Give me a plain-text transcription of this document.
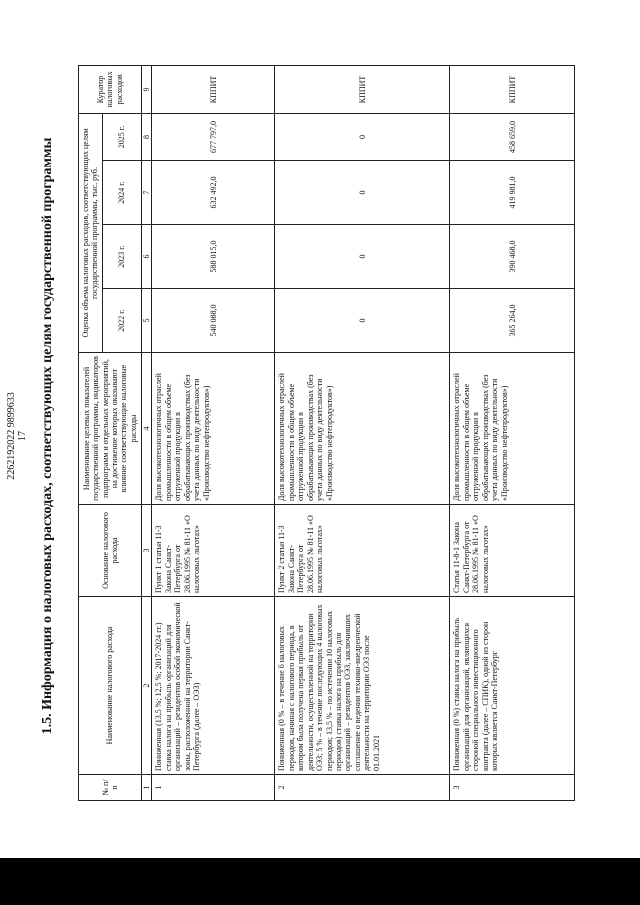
2262192022 9899633 17 1.5. Информация о налоговых расходах, соответствующих целям государственной программы
№ п/п	Наименование налогового расхода	Основание налогового расхода	Наименование целевых показателей государственной программы, индикаторов подпрограмм и отдельных мероприятий, на достижение которых оказывают влияние соответствующие налоговые расходы	Оценка объема налоговых расходов, соответствующих целям государственной программы, тыс. руб.				Куратор налоговых расходов
				2022 г.	2023 г.	2024 г.	2025 г.	
1	2	3	4	5	6	7	8	9
1	Пониженная (13,5 %; 12,5 %; 2017-2024 гг.) ставка налога на прибыль организаций для организаций – резидентов особой экономической зоны, расположенной на территории Санкт-Петербурга (далее – ОЭЗ)	Пункт 1 статьи 11-3 Закона Санкт-Петербурга от 28.06.1995 № 81-11 «О налоговых льготах»	Доля высокотехнологичных отраслей промышленности в общем объеме отгруженной продукции в обрабатывающих производствах (без учета данных по виду деятельности «Производство нефтепродуктов»)	540 088,0	588 015,0	632 492,0	677 797,0	КППИТ
2	Пониженная (0 % – в течение 6 налоговых периодов, начиная с налогового периода, в котором была получена первая прибыль от деятельности, осуществленной на территории ОЭЗ; 5 % – в течение последующих 4 налоговых периодов; 13,5 % – по истечении 10 налоговых периодов) ставка налога на прибыль для организаций – резидентов ОЭЗ, заключивших соглашение о ведении технико-внедренческой деятельности на территории ОЭЗ после 01.01.2021	Пункт 2 статьи 11-3 Закона Санкт-Петербурга от 28.06.1995 № 81-11 «О налоговых льготах»	Доля высокотехнологичных отраслей промышленности в общем объеме отгруженной продукции в обрабатывающих производствах (без учета данных по виду деятельности «Производство нефтепродуктов»)	0	0	0	0	КППИТ
3	Пониженная (0 %) ставка налога на прибыль организаций для организаций, являющихся стороной специального инвестиционного контракта (далее – СПИК), одной из сторон которых является Санкт-Петербург	Статья 11-8-1 Закона Санкт-Петербурга от 28.06.1995 № 81-11 «О налоговых льготах»	Доля высокотехнологичных отраслей промышленности в общем объеме отгруженной продукции в обрабатывающих производствах (без учета данных по виду деятельности «Производство нефтепродуктов»)	365 264,0	390 468,0	419 981,0	458 659,0	КППИТ
